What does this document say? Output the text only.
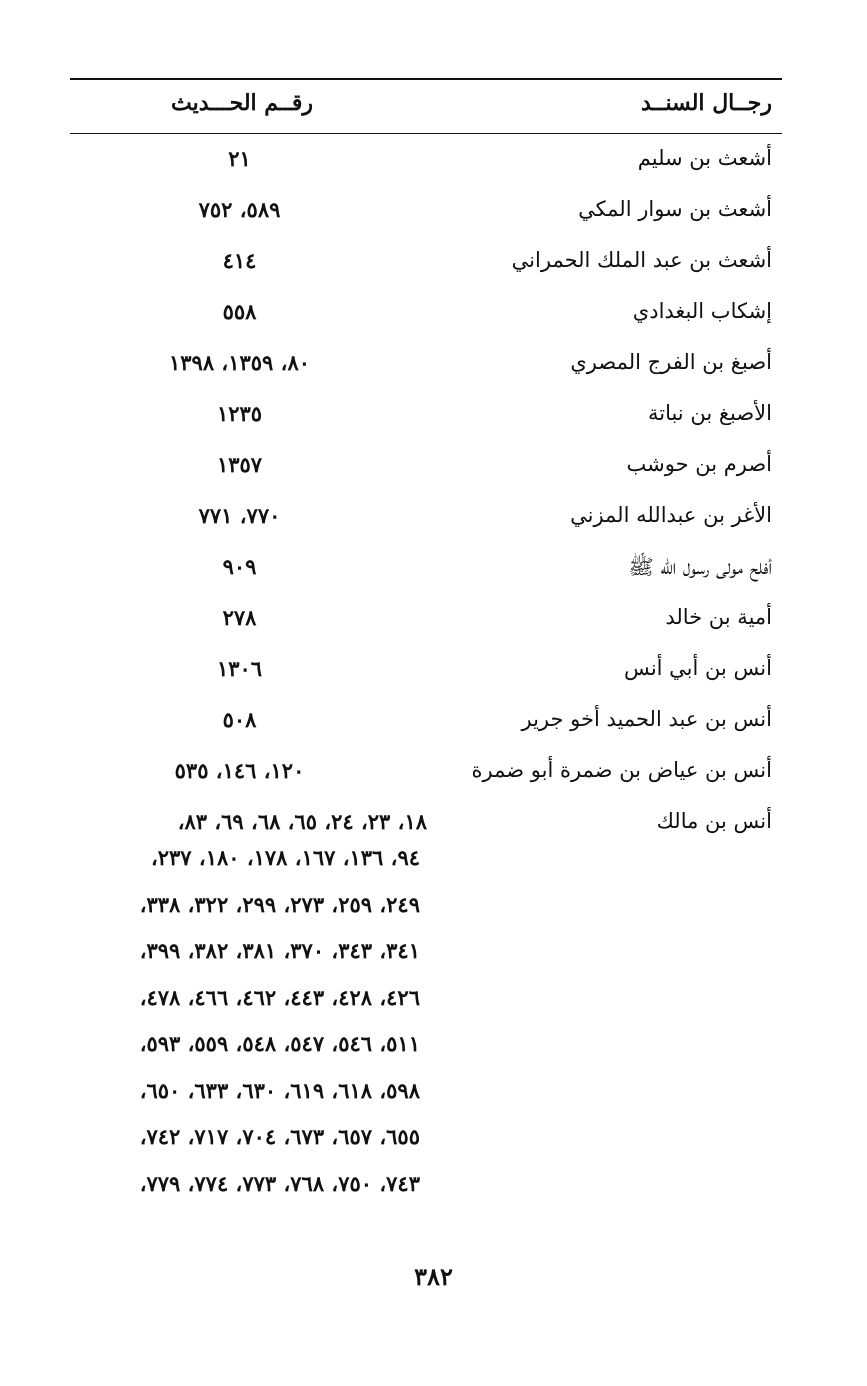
رجــال السنــد
رقــم الحـــديث
أشعث بن سليم
٢١
أشعث بن سوار المكي
٥٨٩، ٧٥٢
أشعث بن عبد الملك الحمراني
٤١٤
إشكاب البغدادي
٥٥٨
أصبغ بن الفرج المصري
٨٠، ١٣٥٩، ١٣٩٨
الأصبغ بن نباتة
١٢٣٥
أصرم بن حوشب
١٣٥٧
الأغر بن عبدالله المزني
٧٧٠، ٧٧١
أفلح مولى رسول الله ﷺ
٩٠٩
أمية بن خالد
٢٧٨
أنس بن أبي أنس
١٣٠٦
أنس بن عبد الحميد أخو جرير
٥٠٨
أنس بن عياض بن ضمرة أبو ضمرة
١٢٠، ١٤٦، ٥٣٥
أنس بن مالك
١٨، ٢٣، ٢٤، ٦٥، ٦٨، ٦٩، ٨٣،
٩٤، ١٣٦، ١٦٧، ١٧٨، ١٨٠، ٢٣٧،
٢٤٩، ٢٥٩، ٢٧٣، ٢٩٩، ٣٢٢، ٣٣٨،
٣٤١، ٣٤٣، ٣٧٠، ٣٨١، ٣٨٢، ٣٩٩،
٤٢٦، ٤٢٨، ٤٤٣، ٤٦٢، ٤٦٦، ٤٧٨،
٥١١، ٥٤٦، ٥٤٧، ٥٤٨، ٥٥٩، ٥٩٣،
٥٩٨، ٦١٨، ٦١٩، ٦٣٠، ٦٣٣، ٦٥٠،
٦٥٥، ٦٥٧، ٦٧٣، ٧٠٤، ٧١٧، ٧٤٢،
٧٤٣، ٧٥٠، ٧٦٨، ٧٧٣، ٧٧٤، ٧٧٩،
٣٨٢
